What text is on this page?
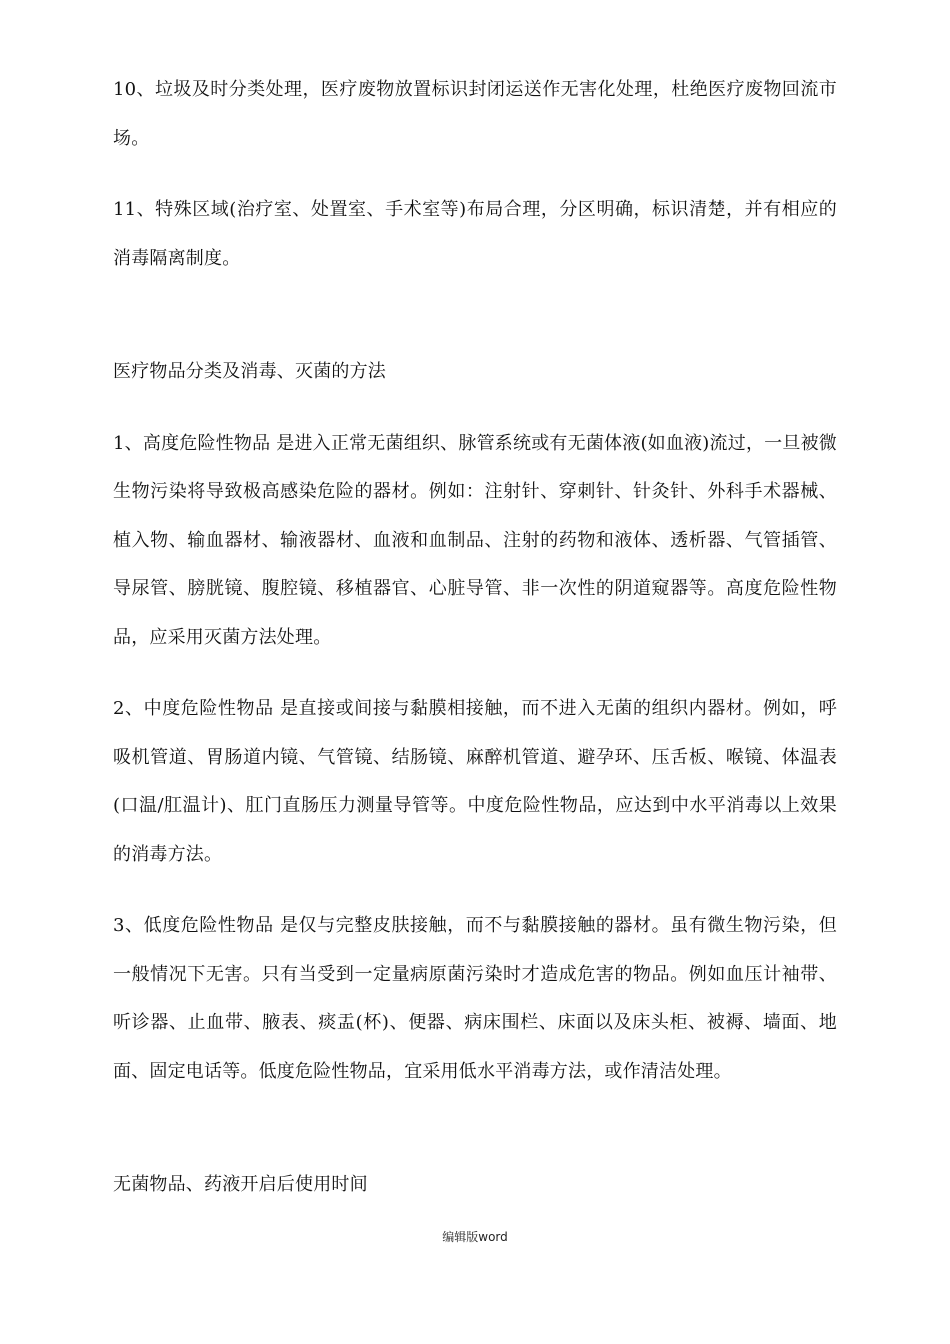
10、垃圾及时分类处理，医疗废物放置标识封闭运送作无害化处理，杜绝医疗废物回流市场。

11、特殊区域(治疗室、处置室、手术室等)布局合理，分区明确，标识清楚，并有相应的消毒隔离制度。

医疗物品分类及消毒、灭菌的方法

1、高度危险性物品 是进入正常无菌组织、脉管系统或有无菌体液(如血液)流过，一旦被微生物污染将导致极高感染危险的器材。例如：注射针、穿刺针、针灸针、外科手术器械、植入物、输血器材、输液器材、血液和血制品、注射的药物和液体、透析器、气管插管、导尿管、膀胱镜、腹腔镜、移植器官、心脏导管、非一次性的阴道窥器等。高度危险性物品，应采用灭菌方法处理。

2、中度危险性物品 是直接或间接与黏膜相接触，而不进入无菌的组织内器材。例如，呼吸机管道、胃肠道内镜、气管镜、结肠镜、麻醉机管道、避孕环、压舌板、喉镜、体温表(口温/肛温计)、肛门直肠压力测量导管等。中度危险性物品，应达到中水平消毒以上效果的消毒方法。

3、低度危险性物品 是仅与完整皮肤接触，而不与黏膜接触的器材。虽有微生物污染，但一般情况下无害。只有当受到一定量病原菌污染时才造成危害的物品。例如血压计袖带、听诊器、止血带、腋表、痰盂(杯)、便器、病床围栏、床面以及床头柜、被褥、墙面、地面、固定电话等。低度危险性物品，宜采用低水平消毒方法，或作清洁处理。

无菌物品、药液开启后使用时间

编辑版word
